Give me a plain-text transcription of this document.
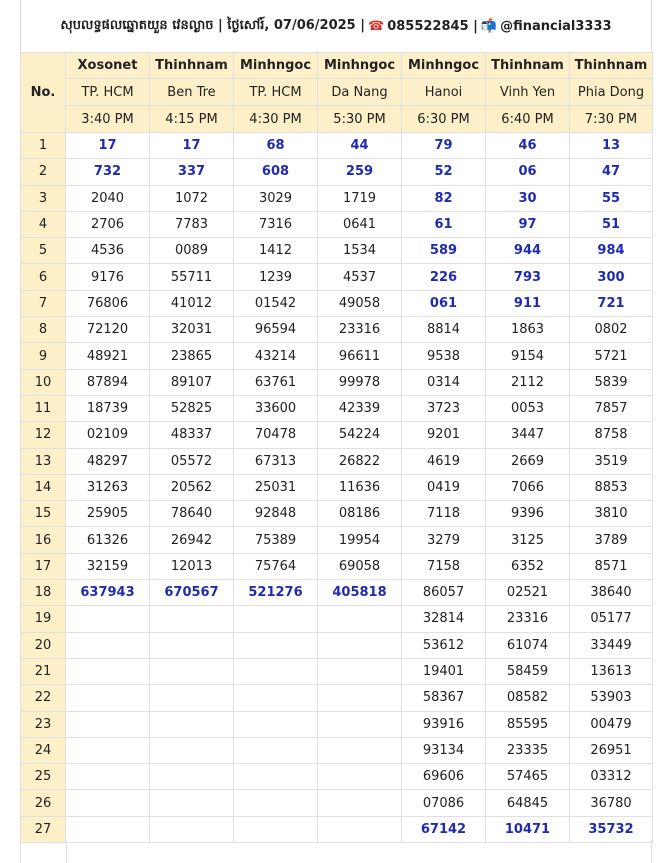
សុបលទ្ធផលឆ្នោតយួន វេនល្ងាច | ថ្ងៃសៅរ៍, 07/06/2025 | ☎ 085522845 | 📬 @financial3333
No.	Xosonet	Thinhnam	Minhngoc	Minhngoc	Minhngoc	Thinhnam	Thinhnam
	TP. HCM	Ben Tre	TP. HCM	Da Nang	Hanoi	Vinh Yen	Phia Dong
	3:40 PM	4:15 PM	4:30 PM	5:30 PM	6:30 PM	6:40 PM	7:30 PM
1	17	17	68	44	79	46	13
2	732	337	608	259	52	06	47
3	2040	1072	3029	1719	82	30	55
4	2706	7783	7316	0641	61	97	51
5	4536	0089	1412	1534	589	944	984
6	9176	55711	1239	4537	226	793	300
7	76806	41012	01542	49058	061	911	721
8	72120	32031	96594	23316	8814	1863	0802
9	48921	23865	43214	96611	9538	9154	5721
10	87894	89107	63761	99978	0314	2112	5839
11	18739	52825	33600	42339	3723	0053	7857
12	02109	48337	70478	54224	9201	3447	8758
13	48297	05572	67313	26822	4619	2669	3519
14	31263	20562	25031	11636	0419	7066	8853
15	25905	78640	92848	08186	7118	9396	3810
16	61326	26942	75389	19954	3279	3125	3789
17	32159	12013	75764	69058	7158	6352	8571
18	637943	670567	521276	405818	86057	02521	38640
19					32814	23316	05177
20					53612	61074	33449
21					19401	58459	13613
22					58367	08582	53903
23					93916	85595	00479
24					93134	23335	26951
25					69606	57465	03312
26					07086	64845	36780
27					67142	10471	35732
